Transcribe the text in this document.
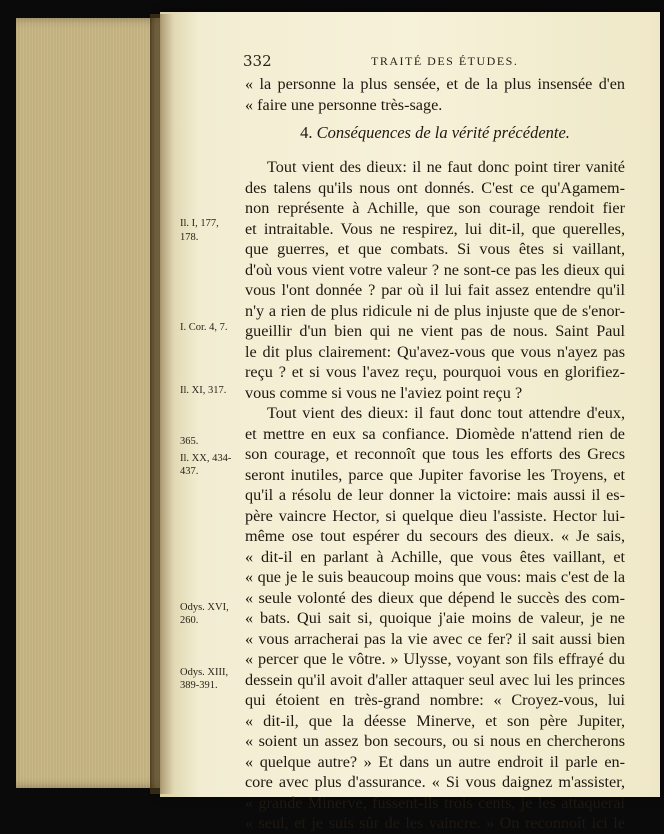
332	TRAITÉ DES ÉTUDES.
« la personne la plus sensée, et de la plus insensée d'en
« faire une personne très-sage.
4. Conséquences de la vérité précédente.
Tout vient des dieux: il ne faut donc point tirer vanité
des talens qu'ils nous ont donnés. C'est ce qu'Agamem-
non représente à Achille, que son courage rendoit fier
et intraitable. Vous ne respirez, lui dit-il, que querelles,
que guerres, et que combats. Si vous êtes si vaillant,
d'où vous vient votre valeur ? ne sont-ce pas les dieux qui
vous l'ont donnée ? par où il lui fait assez entendre qu'il
n'y a rien de plus ridicule ni de plus injuste que de s'enor-
gueillir d'un bien qui ne vient pas de nous. Saint Paul
le dit plus clairement: Qu'avez-vous que vous n'ayez pas
reçu ? et si vous l'avez reçu, pourquoi vous en glorifiez-
vous comme si vous ne l'aviez point reçu ?
Tout vient des dieux: il faut donc tout attendre d'eux,
et mettre en eux sa confiance. Diomède n'attend rien de
son courage, et reconnoît que tous les efforts des Grecs
seront inutiles, parce que Jupiter favorise les Troyens, et
qu'il a résolu de leur donner la victoire: mais aussi il es-
père vaincre Hector, si quelque dieu l'assiste. Hector lui-
même ose tout espérer du secours des dieux. « Je sais,
« dit-il en parlant à Achille, que vous êtes vaillant, et
« que je le suis beaucoup moins que vous: mais c'est de la
« seule volonté des dieux que dépend le succès des com-
« bats. Qui sait si, quoique j'aie moins de valeur, je ne
« vous arracherai pas la vie avec ce fer? il sait aussi bien
« percer que le vôtre. » Ulysse, voyant son fils effrayé du
dessein qu'il avoit d'aller attaquer seul avec lui les princes
qui étoient en très-grand nombre: « Croyez-vous, lui
« dit-il, que la déesse Minerve, et son père Jupiter,
« soient un assez bon secours, ou si nous en chercherons
« quelque autre? » Et dans un autre endroit il parle en-
core avec plus d'assurance. « Si vous daignez m'assister,
« grande Minerve, fussent-ils trois cents, je les attaquerai
« seul, et je suis sûr de les vaincre. » On reconnoît ici le
Il. I, 177,
178.
I. Cor. 4, 7.
Il. XI, 317.
365.
Il. XX, 434-
437.
Odys. XVI,
260.
Odys. XIII,
389-391.
